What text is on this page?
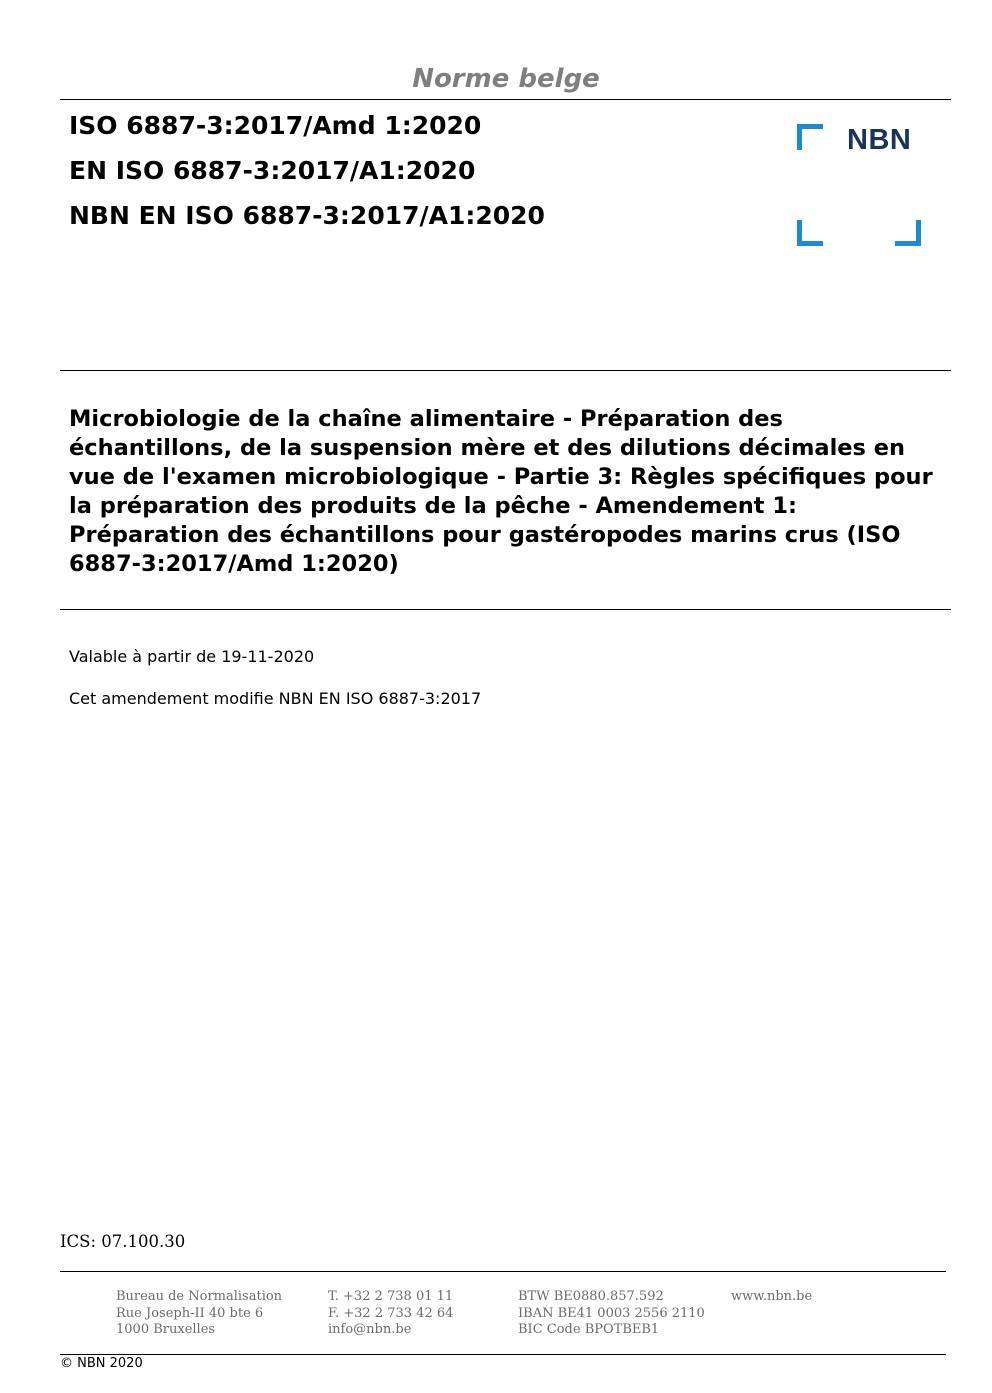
Norme belge
ISO 6887-3:2017/Amd 1:2020
EN ISO 6887-3:2017/A1:2020
NBN EN ISO 6887-3:2017/A1:2020
NBN
Microbiologie de la chaîne alimentaire - Préparation des échantillons, de la suspension mère et des dilutions décimales en vue de l'examen microbiologique - Partie 3: Règles spécifiques pour la préparation des produits de la pêche - Amendement 1: Préparation des échantillons pour gastéropodes marins crus (ISO 6887-3:2017/Amd 1:2020)
Valable à partir de 19-11-2020
Cet amendement modifie NBN EN ISO 6887-3:2017
ICS: 07.100.30
Bureau de Normalisation
Rue Joseph-II 40 bte 6
1000 Bruxelles
T. +32 2 738 01 11
F. +32 2 733 42 64
info@nbn.be
BTW BE0880.857.592
IBAN BE41 0003 2556 2110
BIC Code BPOTBEB1
www.nbn.be
© NBN 2020
